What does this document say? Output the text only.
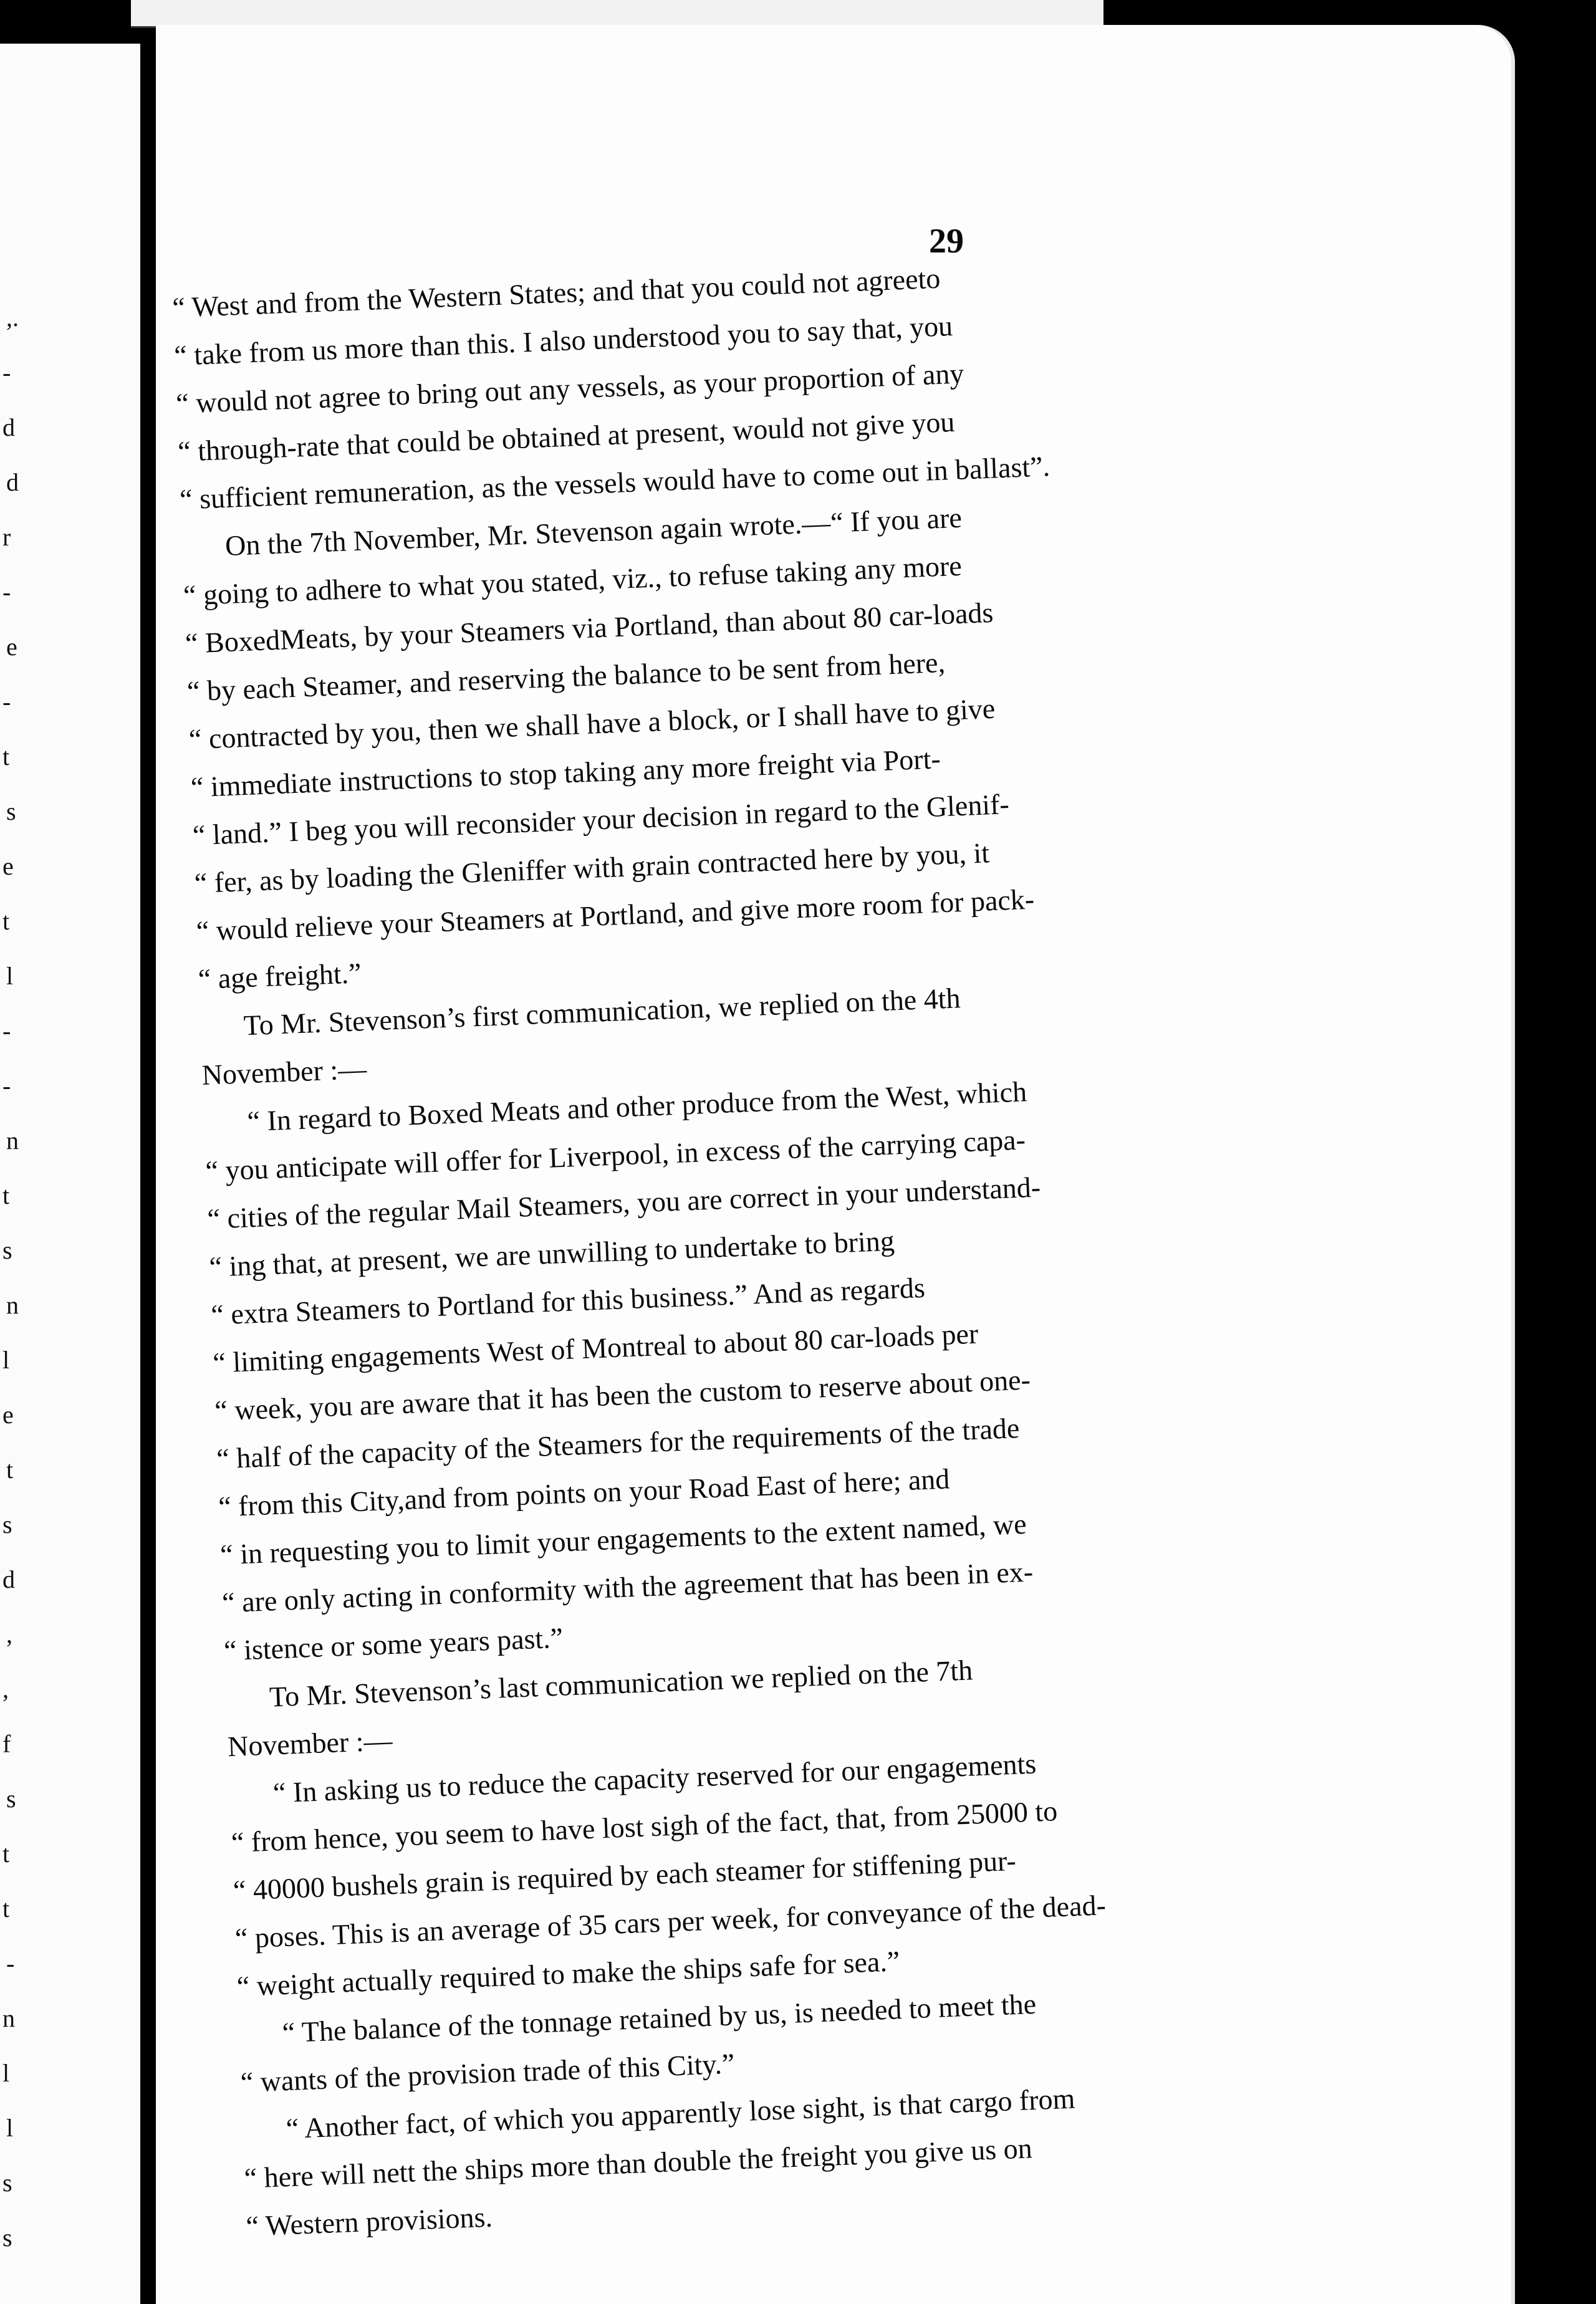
,.
-
d
d
r
-
e
-
t
s
e
t
l
-
-
n
t
s
n
l
e
t
s
d
,
,
f
s
t
t
-
n
l
l
s
s
29

“ West and from the Western States; and that you could not agreeto

“ take from us more than this. I also understood you to say that, you

“ would not agree to bring out any vessels, as your proportion of any

“ through-rate that could be obtained at present, would not give you

“ sufficient remuneration, as the vessels would have to come out in ballast”.

On the 7th November, Mr. Stevenson again wrote.—“ If you are

“ going to adhere to what you stated, viz., to refuse taking any more

“ BoxedMeats, by your Steamers via Portland, than about 80 car-loads

“ by each Steamer, and reserving the balance to be sent from here,

“ contracted by you, then we shall have a block, or I shall have to give

“ immediate instructions to stop taking any more freight via Port-

“ land.” I beg you will reconsider your decision in regard to the Glenif-

“ fer, as by loading the Gleniffer with grain contracted here by you, it

“ would relieve your Steamers at Portland, and give more room for pack-

“ age freight.”

To Mr. Stevenson’s first communication, we replied on the 4th

November :—

“ In regard to Boxed Meats and other produce from the West, which

“ you anticipate will offer for Liverpool, in excess of the carrying capa-

“ cities of the regular Mail Steamers, you are correct in your understand-

“ ing that, at present, we are unwilling to undertake to bring

“ extra Steamers to Portland for this business.” And as regards

“ limiting engagements West of Montreal to about 80 car-loads per

“ week, you are aware that it has been the custom to reserve about one-

“ half of the capacity of the Steamers for the requirements of the trade

“ from this City,and from points on your Road East of here; and

“ in requesting you to limit your engagements to the extent named, we

“ are only acting in conformity with the agreement that has been in ex-

“ istence or some years past.”

To Mr. Stevenson’s last communication we replied on the 7th

November :—

“ In asking us to reduce the capacity reserved for our engagements

“ from hence, you seem to have lost sigh of the fact, that, from 25000 to

“ 40000 bushels grain is required by each steamer for stiffening pur-

“ poses. This is an average of 35 cars per week, for conveyance of the dead-

“ weight actually required to make the ships safe for sea.”

“ The balance of the tonnage retained by us, is needed to meet the

“ wants of the provision trade of this City.”

“ Another fact, of which you apparently lose sight, is that cargo from

“ here will nett the ships more than double the freight you give us on

“ Western provisions.
